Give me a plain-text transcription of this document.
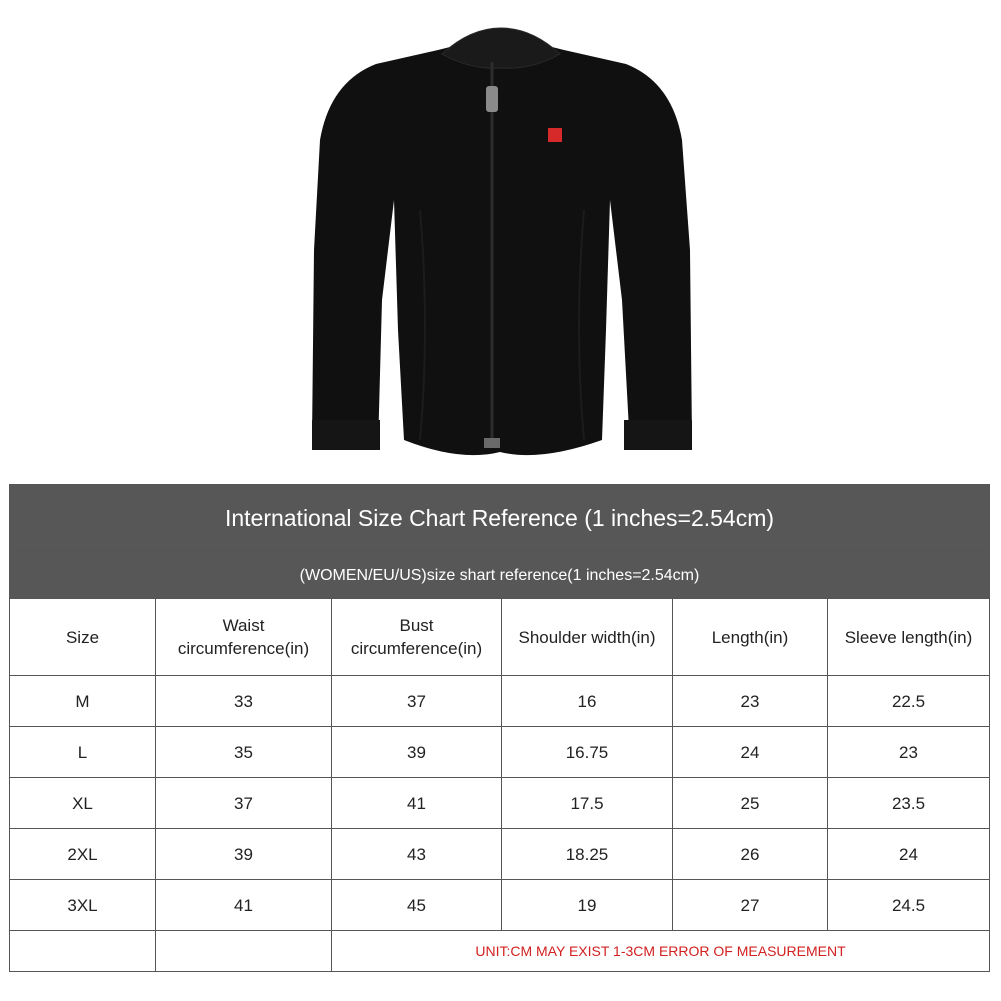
International Size Chart Reference (1 inches=2.54cm)					
(WOMEN/EU/US)size shart reference(1 inches=2.54cm)					
Size	Waist circumference(in)	Bust circumference(in)	Shoulder width(in)	Length(in)	Sleeve length(in)
M	33	37	16	23	22.5
L	35	39	16.75	24	23
XL	37	41	17.5	25	23.5
2XL	39	43	18.25	26	24
3XL	41	45	19	27	24.5
		UNIT:CM MAY EXIST 1-3CM ERROR OF MEASUREMENT			
